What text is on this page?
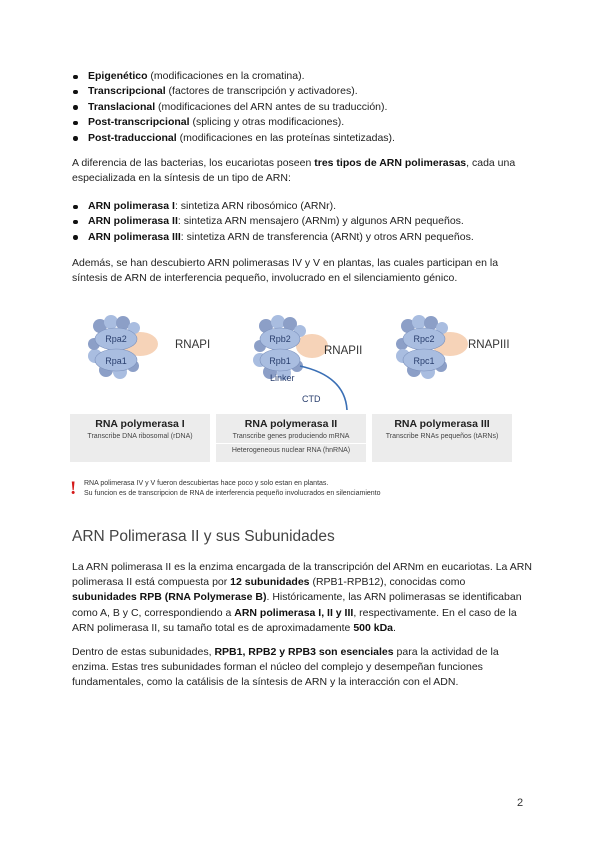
Epigenético (modificaciones en la cromatina).
Transcripcional (factores de transcripción y activadores).
Translacional (modificaciones del ARN antes de su traducción).
Post-transcripcional (splicing y otras modificaciones).
Post-traduccional (modificaciones en las proteínas sintetizadas).

A diferencia de las bacterias, los eucariotas poseen tres tipos de ARN polimerasas, cada una especializada en la síntesis de un tipo de ARN:

ARN polimerasa I: sintetiza ARN ribosómico (ARNr).
ARN polimerasa II: sintetiza ARN mensajero (ARNm) y algunos ARN pequeños.
ARN polimerasa III: sintetiza ARN de transferencia (ARNt) y otros ARN pequeños.

Además, se han descubierto ARN polimerasas IV y V en plantas, las cuales participan en la síntesis de ARN de interferencia pequeño, involucrado en el silenciamiento génico.

Rpa2
Rpa1
RNAPI	Rpb2
Rpb1
Linker
CTD
RNAPII
Rpc2
Rpc1
RNAPIII
RNA polymerasa I
Transcribe DNA ribosomal (rDNA)
RNA polymerasa II
Transcribe genes produciendo mRNA
Heterogeneous nuclear RNA (hnRNA)
RNA polymerasa III
Transcribe RNAs pequeños (tARNs)
! RNA polimerasa IV y V fueron descubiertas hace poco y solo estan en plantas.
Su funcion es de transcripcion de RNA de interferencia pequeño involucrados en silenciamiento
ARN Polimerasa II y sus Subunidades

La ARN polimerasa II es la enzima encargada de la transcripción del ARNm en eucariotas. La ARN polimerasa II está compuesta por 12 subunidades (RPB1-RPB12), conocidas como subunidades RPB (RNA Polymerase B). Históricamente, las ARN polimerasas se identificaban como A, B y C, correspondiendo a ARN polimerasa I, II y III, respectivamente. En el caso de la ARN polimerasa II, su tamaño total es de aproximadamente 500 kDa.

Dentro de estas subunidades, RPB1, RPB2 y RPB3 son esenciales para la actividad de la enzima. Estas tres subunidades forman el núcleo del complejo y desempeñan funciones fundamentales, como la catálisis de la síntesis de ARN y la interacción con el ADN.

2
